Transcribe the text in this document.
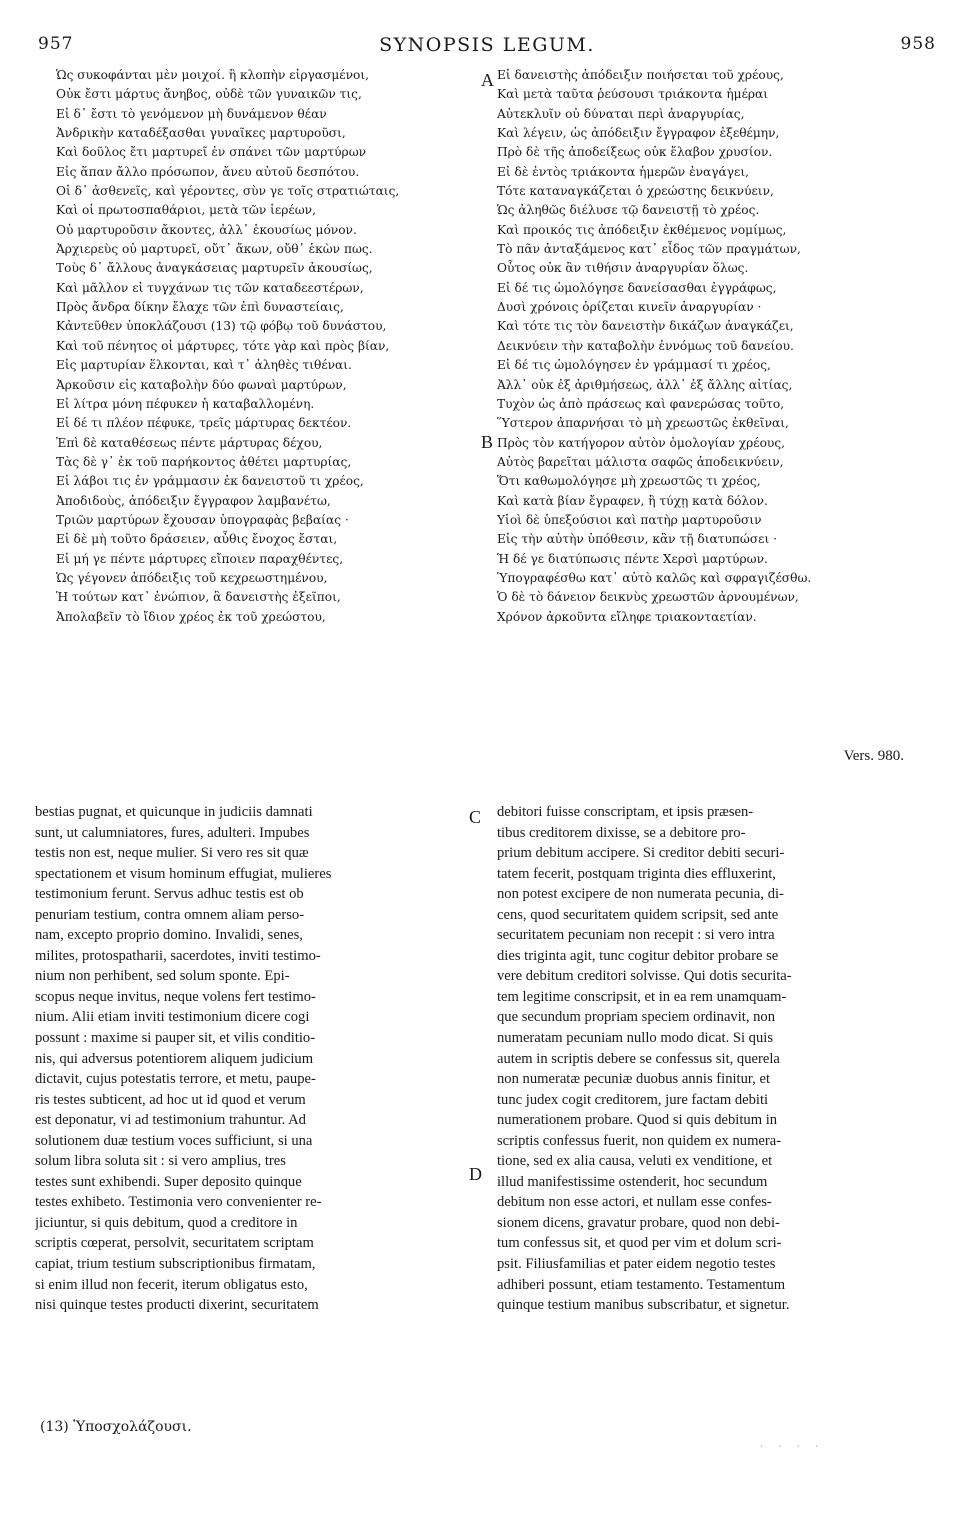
957	SYNOPSIS LEGUM.	958
Ὡς συκοφάνται μὲν μοιχοί. ἢ κλοπὴν εἰργασμένοι,
Οὐκ ἔστι μάρτυς ἄνηβος, οὐδὲ τῶν γυναικῶν τις,
Εἰ δ᾽ ἔστι τὸ γενόμενον μὴ δυνάμενον θέαν
Ἀνδρικὴν καταδέξασθαι γυναῖκες μαρτυροῦσι,
Καὶ δοῦλος ἔτι μαρτυρεῖ ἐν σπάνει τῶν μαρτύρων
Εἰς ἅπαν ἄλλο πρόσωπον, ἄνευ αὐτοῦ δεσπότου.
Οἱ δ᾽ ἀσθενεῖς, καὶ γέροντες, σὺν γε τοῖς στρατιώταις,
Καὶ οἱ πρωτοσπαθάριοι, μετὰ τῶν ἱερέων,
Οὐ μαρτυροῦσιν ἄκοντες, ἀλλ᾽ ἑκουσίως μόνον.
Ἀρχιερεὺς οὐ μαρτυρεῖ, οὔτ᾽ ἄκων, οὔθ᾽ ἑκὼν πως.
Τοὺς δ᾽ ἄλλους ἀναγκάσειας μαρτυρεῖν ἀκουσίως,
Καὶ μᾶλλον εἰ τυγχάνων τις τῶν καταδεεστέρων,
Πρὸς ἄνδρα δίκην ἔλαχε τῶν ἐπὶ δυναστείαις,
Κἀντεῦθεν ὑποκλάζουσι (13) τῷ φόβῳ τοῦ δυνάστου,
Καὶ τοῦ πένητος οἱ μάρτυρες, τότε γὰρ καὶ πρὸς βίαν,
Εἰς μαρτυρίαν ἕλκονται, καὶ τ᾽ ἀληθὲς τιθέναι.
Ἀρκοῦσιν εἰς καταβολὴν δύο φωναὶ μαρτύρων,
Εἰ λίτρα μόνη πέφυκεν ἡ καταβαλλομένη.
Εἰ δέ τι πλέον πέφυκε, τρεῖς μάρτυρας δεκτέον.
Ἐπὶ δὲ καταθέσεως πέντε μάρτυρας δέχου,
Τὰς δὲ γ᾽ ἐκ τοῦ παρήκοντος ἀθέτει μαρτυρίας,
Εἰ λάβοι τις ἐν γράμμασιν ἐκ δανειστοῦ τι χρέος,
Ἀποδιδοὺς, ἀπόδειξιν ἔγγραφον λαμβανέτω,
Τριῶν μαρτύρων ἔχουσαν ὑπογραφὰς βεβαίας ·
Εἰ δὲ μὴ τοῦτο δράσειεν, αὖθις ἔνοχος ἔσται,
Εἰ μή γε πέντε μάρτυρες εἴποιεν παραχθέντες,
Ὡς γέγονεν ἀπόδειξις τοῦ κεχρεωστημένου,
Ἡ τούτων κατ᾽ ἐνώπιον, ἃ δανειστὴς ἐξεῖποι,
Ἀπολαβεῖν τὸ ἴδιον χρέος ἐκ τοῦ χρεώστου,
Εἰ δανειστὴς ἀπόδειξιν ποιήσεται τοῦ χρέους,
Καὶ μετὰ ταῦτα ῥεύσουσι τριάκοντα ἡμέραι
Αὐτεκλυῖν οὐ δύναται περὶ ἀναργυρίας,
Καὶ λέγειν, ὡς ἀπόδειξιν ἔγγραφον ἐξεθέμην,
Πρὸ δὲ τῆς ἀποδείξεως οὐκ ἔλαβον χρυσίον.
Εἰ δὲ ἐντὸς τριάκοντα ἡμερῶν ἐναγάγει,
Τότε καταναγκάζεται ὁ χρεώστης δεικνύειν,
Ὡς ἀληθῶς διέλυσε τῷ δανειστῇ τὸ χρέος.
Καὶ προικός τις ἀπόδειξιν ἐκθέμενος νομίμως,
Τὸ πᾶν ἀνταξάμενος κατ᾽ εἶδος τῶν πραγμάτων,
Οὗτος οὐκ ἂν τιθήσιν ἀναργυρίαν ὅλως.
Εἰ δέ τις ὡμολόγησε δανείσασθαι ἐγγράφως,
Δυσὶ χρόνοις ὁρίζεται κινεῖν ἀναργυρίαν ·
Καὶ τότε τις τὸν δανειστὴν δικάζων ἀναγκάζει,
Δεικνύειν τὴν καταβολὴν ἐννόμως τοῦ δανείου.
Εἰ δέ τις ὡμολόγησεν ἐν γράμμασί τι χρέος,
Ἀλλ᾽ οὐκ ἐξ ἀριθμήσεως, ἀλλ᾽ ἐξ ἄλλης αἰτίας,
Τυχὸν ὡς ἀπὸ πράσεως καὶ φανερώσας τοῦτο,
Ὕστερον ἀπαρνήσαι τὸ μὴ χρεωστῶς ἐκθεῖναι,
Πρὸς τὸν κατήγορον αὐτὸν ὁμολογίαν χρέους,
Αὐτὸς βαρεῖται μάλιστα σαφῶς ἀποδεικνύειν,
Ὅτι καθωμολόγησε μὴ χρεωστῶς τι χρέος,
Καὶ κατὰ βίαν ἔγραφεν, ἢ τύχῃ κατὰ δόλον.
Υἱοὶ δὲ ὑπεξούσιοι καὶ πατὴρ μαρτυροῦσιν
Εἰς τὴν αὐτὴν ὑπόθεσιν, κἂν τῇ διατυπώσει ·
Ἡ δέ γε διατύπωσις πέντε Χερσὶ μαρτύρων.
Ὑπογραφέσθω κατ᾽ αὐτὸ καλῶς καὶ σφραγιζέσθω.
Ὁ δὲ τὸ δάνειον δεικνὺς χρεωστῶν ἀρνουμένων,
Χρόνον ἀρκοῦντα εἴληφε τριακονταετίαν.
A
B
C
D
Vers. 980.
bestias pugnat, et quicunque in judiciis damnati
sunt, ut calumniatores, fures, adulteri. Impubes
testis non est, neque mulier. Si vero res sit quæ
spectationem et visum hominum effugiat, mulieres
testimonium ferunt. Servus adhuc testis est ob
penuriam testium, contra omnem aliam perso-
nam, excepto proprio domino. Invalidi, senes,
milites, protospatharii, sacerdotes, inviti testimo-
nium non perhibent, sed solum sponte. Epi-
scopus neque invitus, neque volens fert testimo-
nium. Alii etiam inviti testimonium dicere cogi
possunt : maxime si pauper sit, et vilis conditio-
nis, qui adversus potentiorem aliquem judicium
dictavit, cujus potestatis terrore, et metu, paupe-
ris testes subticent, ad hoc ut id quod et verum
est deponatur, vi ad testimonium trahuntur. Ad
solutionem duæ testium voces sufficiunt, si una
solum libra soluta sit : si vero amplius, tres
testes sunt exhibendi. Super deposito quinque
testes exhibeto. Testimonia vero convenienter re-
jiciuntur, si quis debitum, quod a creditore in
scriptis cœperat, persolvit, securitatem scriptam
capiat, trium testium subscriptionibus firmatam,
si enim illud non fecerit, iterum obligatus esto,
nisi quinque testes producti dixerint, securitatem
debitori fuisse conscriptam, et ipsis præsen-
tibus creditorem dixisse, se a debitore pro-
prium debitum accipere. Si creditor debiti securi-
tatem fecerit, postquam triginta dies effluxerint,
non potest excipere de non numerata pecunia, di-
cens, quod securitatem quidem scripsit, sed ante
securitatem pecuniam non recepit : si vero intra
dies triginta agit, tunc cogitur debitor probare se
vere debitum creditori solvisse. Qui dotis securita-
tem legitime conscripsit, et in ea rem unamquam-
que secundum propriam speciem ordinavit, non
numeratam pecuniam nullo modo dicat. Si quis
autem in scriptis debere se confessus sit, querela
non numeratæ pecuniæ duobus annis finitur, et
tunc judex cogit creditorem, jure factam debiti
numerationem probare. Quod si quis debitum in
scriptis confessus fuerit, non quidem ex numera-
tione, sed ex alia causa, veluti ex venditione, et
illud manifestissime ostenderit, hoc secundum
debitum non esse actori, et nullam esse confes-
sionem dicens, gravatur probare, quod non debi-
tum confessus sit, et quod per vim et dolum scri-
psit. Filiusfamilias et pater eidem negotio testes
adhiberi possunt, etiam testamento. Testamentum
quinque testium manibus subscribatur, et signetur.
(13) Ὑποσχολάζουσι.
· · · ·
